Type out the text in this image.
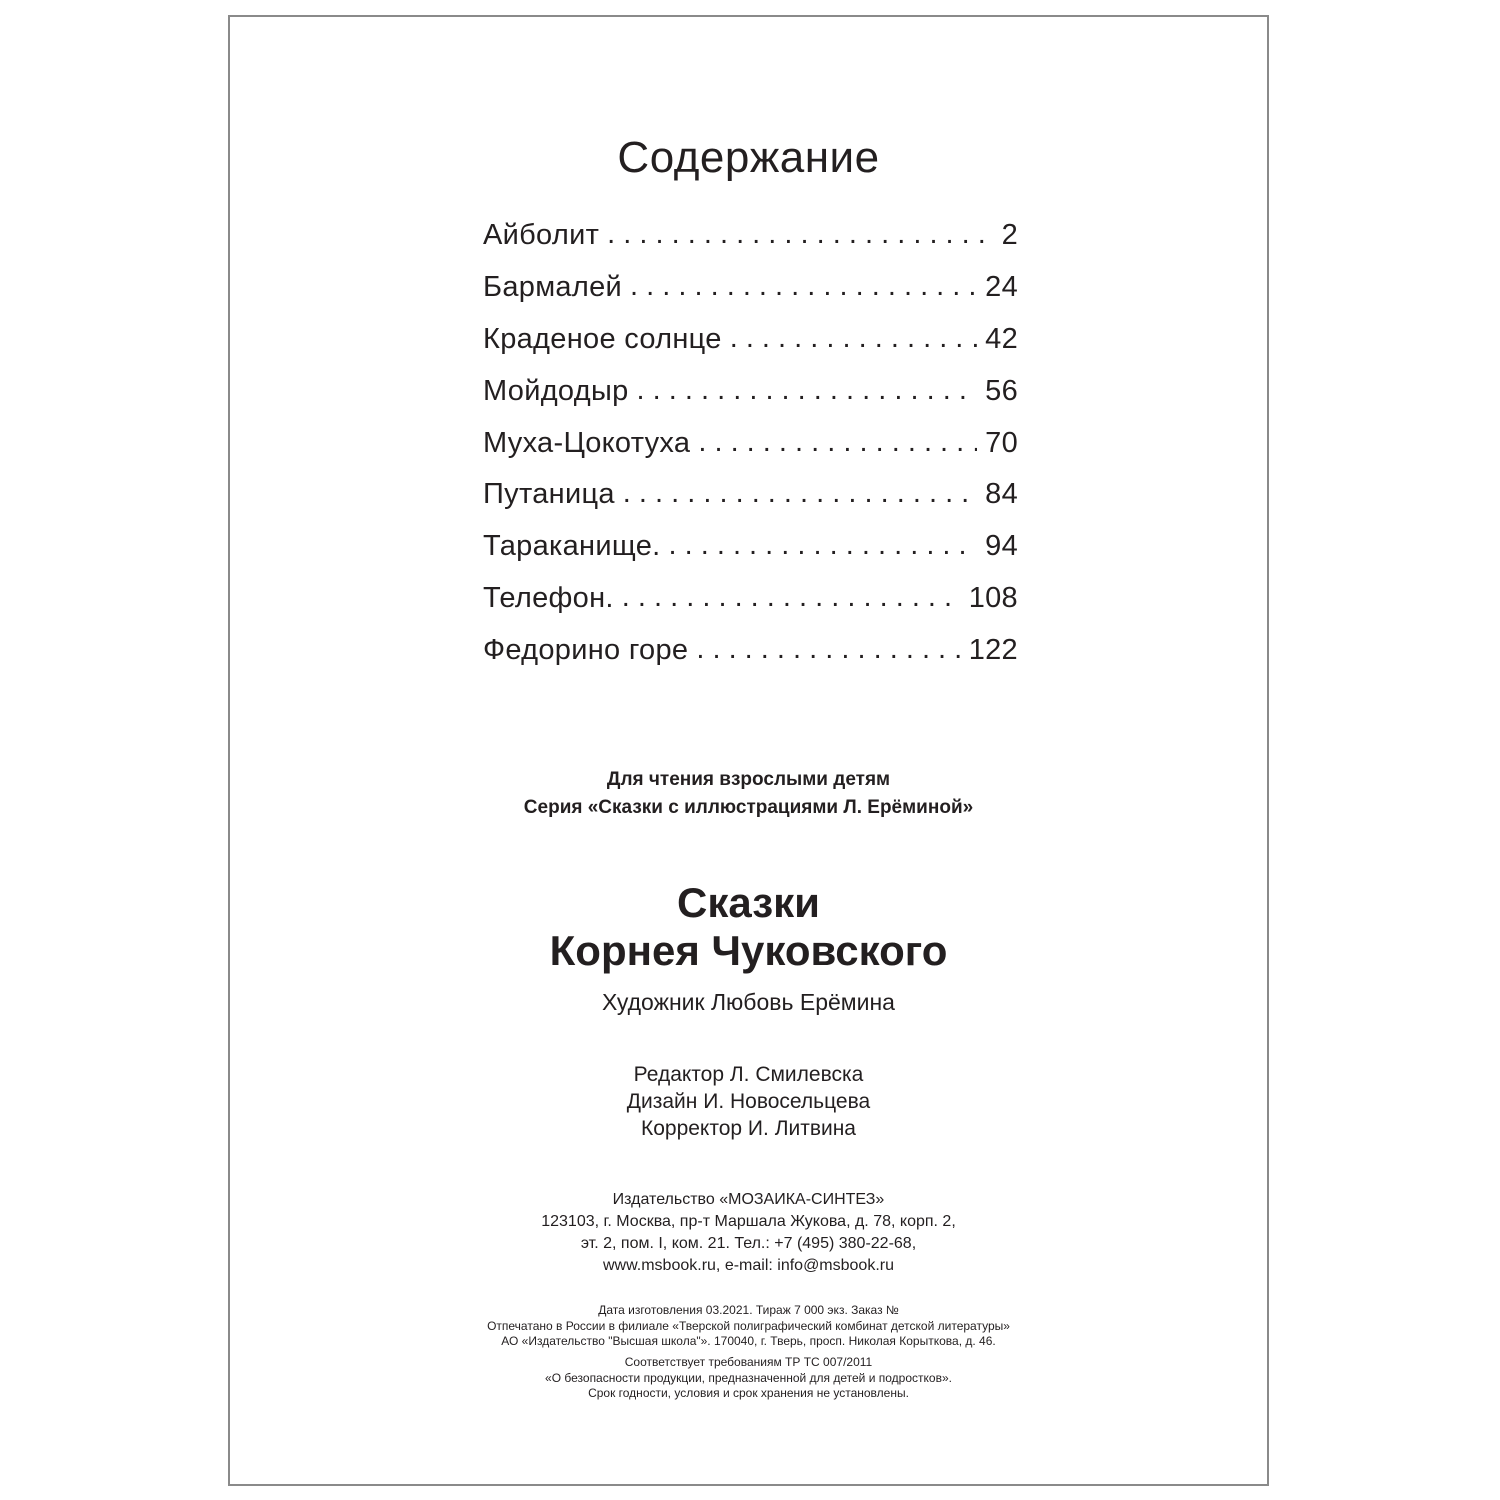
Содержание
Айболит . . .	2
Бармалей . . .	24
Краденое солнце . . .	42
Мойдодыр . . .	56
Муха-Цокотуха . . .	70
Путаница . . .	84
Тараканище. . . .	94
Телефон. . . .	108
Федорино горе . . .	122
Для чтения взрослыми детям
Серия «Сказки с иллюстрациями Л. Ерёминой»
Сказки
Корнея Чуковского
Художник Любовь Ерёмина
Редактор Л. Смилевска
Дизайн И. Новосельцева
Корректор И. Литвина
Издательство «МОЗАИКА-СИНТЕЗ»
123103, г. Москва, пр-т Маршала Жукова, д. 78, корп. 2,
эт. 2, пом. I, ком. 21. Тел.: +7 (495) 380-22-68,
www.msbook.ru, e-mail: info@msbook.ru
Дата изготовления 03.2021. Тираж 7 000 экз. Заказ №
Отпечатано в России в филиале «Тверской полиграфический комбинат детской литературы»
АО «Издательство "Высшая школа"». 170040, г. Тверь, просп. Николая Корыткова, д. 46.
Соответствует требованиям ТР ТС 007/2011
«О безопасности продукции, предназначенной для детей и подростков».
Срок годности, условия и срок хранения не установлены.
